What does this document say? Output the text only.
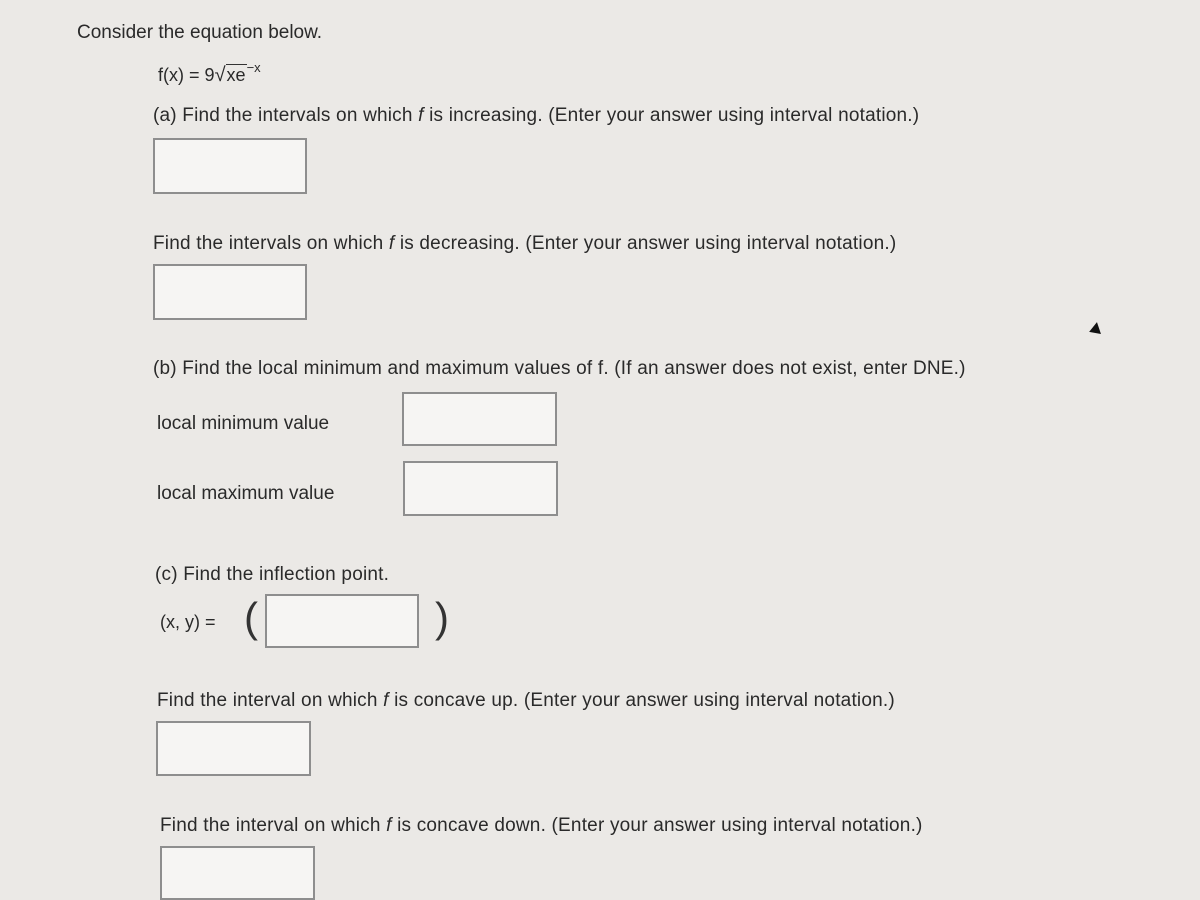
Consider the equation below.
$f(x) = 9√xe^{-x}$
(a) Find the intervals on which f is increasing. (Enter your answer using interval notation.)
Find the intervals on which f is decreasing. (Enter your answer using interval notation.)
(b) Find the local minimum and maximum values of f. (If an answer does not exist, enter DNE.)
local minimum value
local maximum value
(c) Find the inflection point.
(x, y) = (	)
Find the interval on which f is concave up. (Enter your answer using interval notation.)
Find the interval on which f is concave down. (Enter your answer using interval notation.)
